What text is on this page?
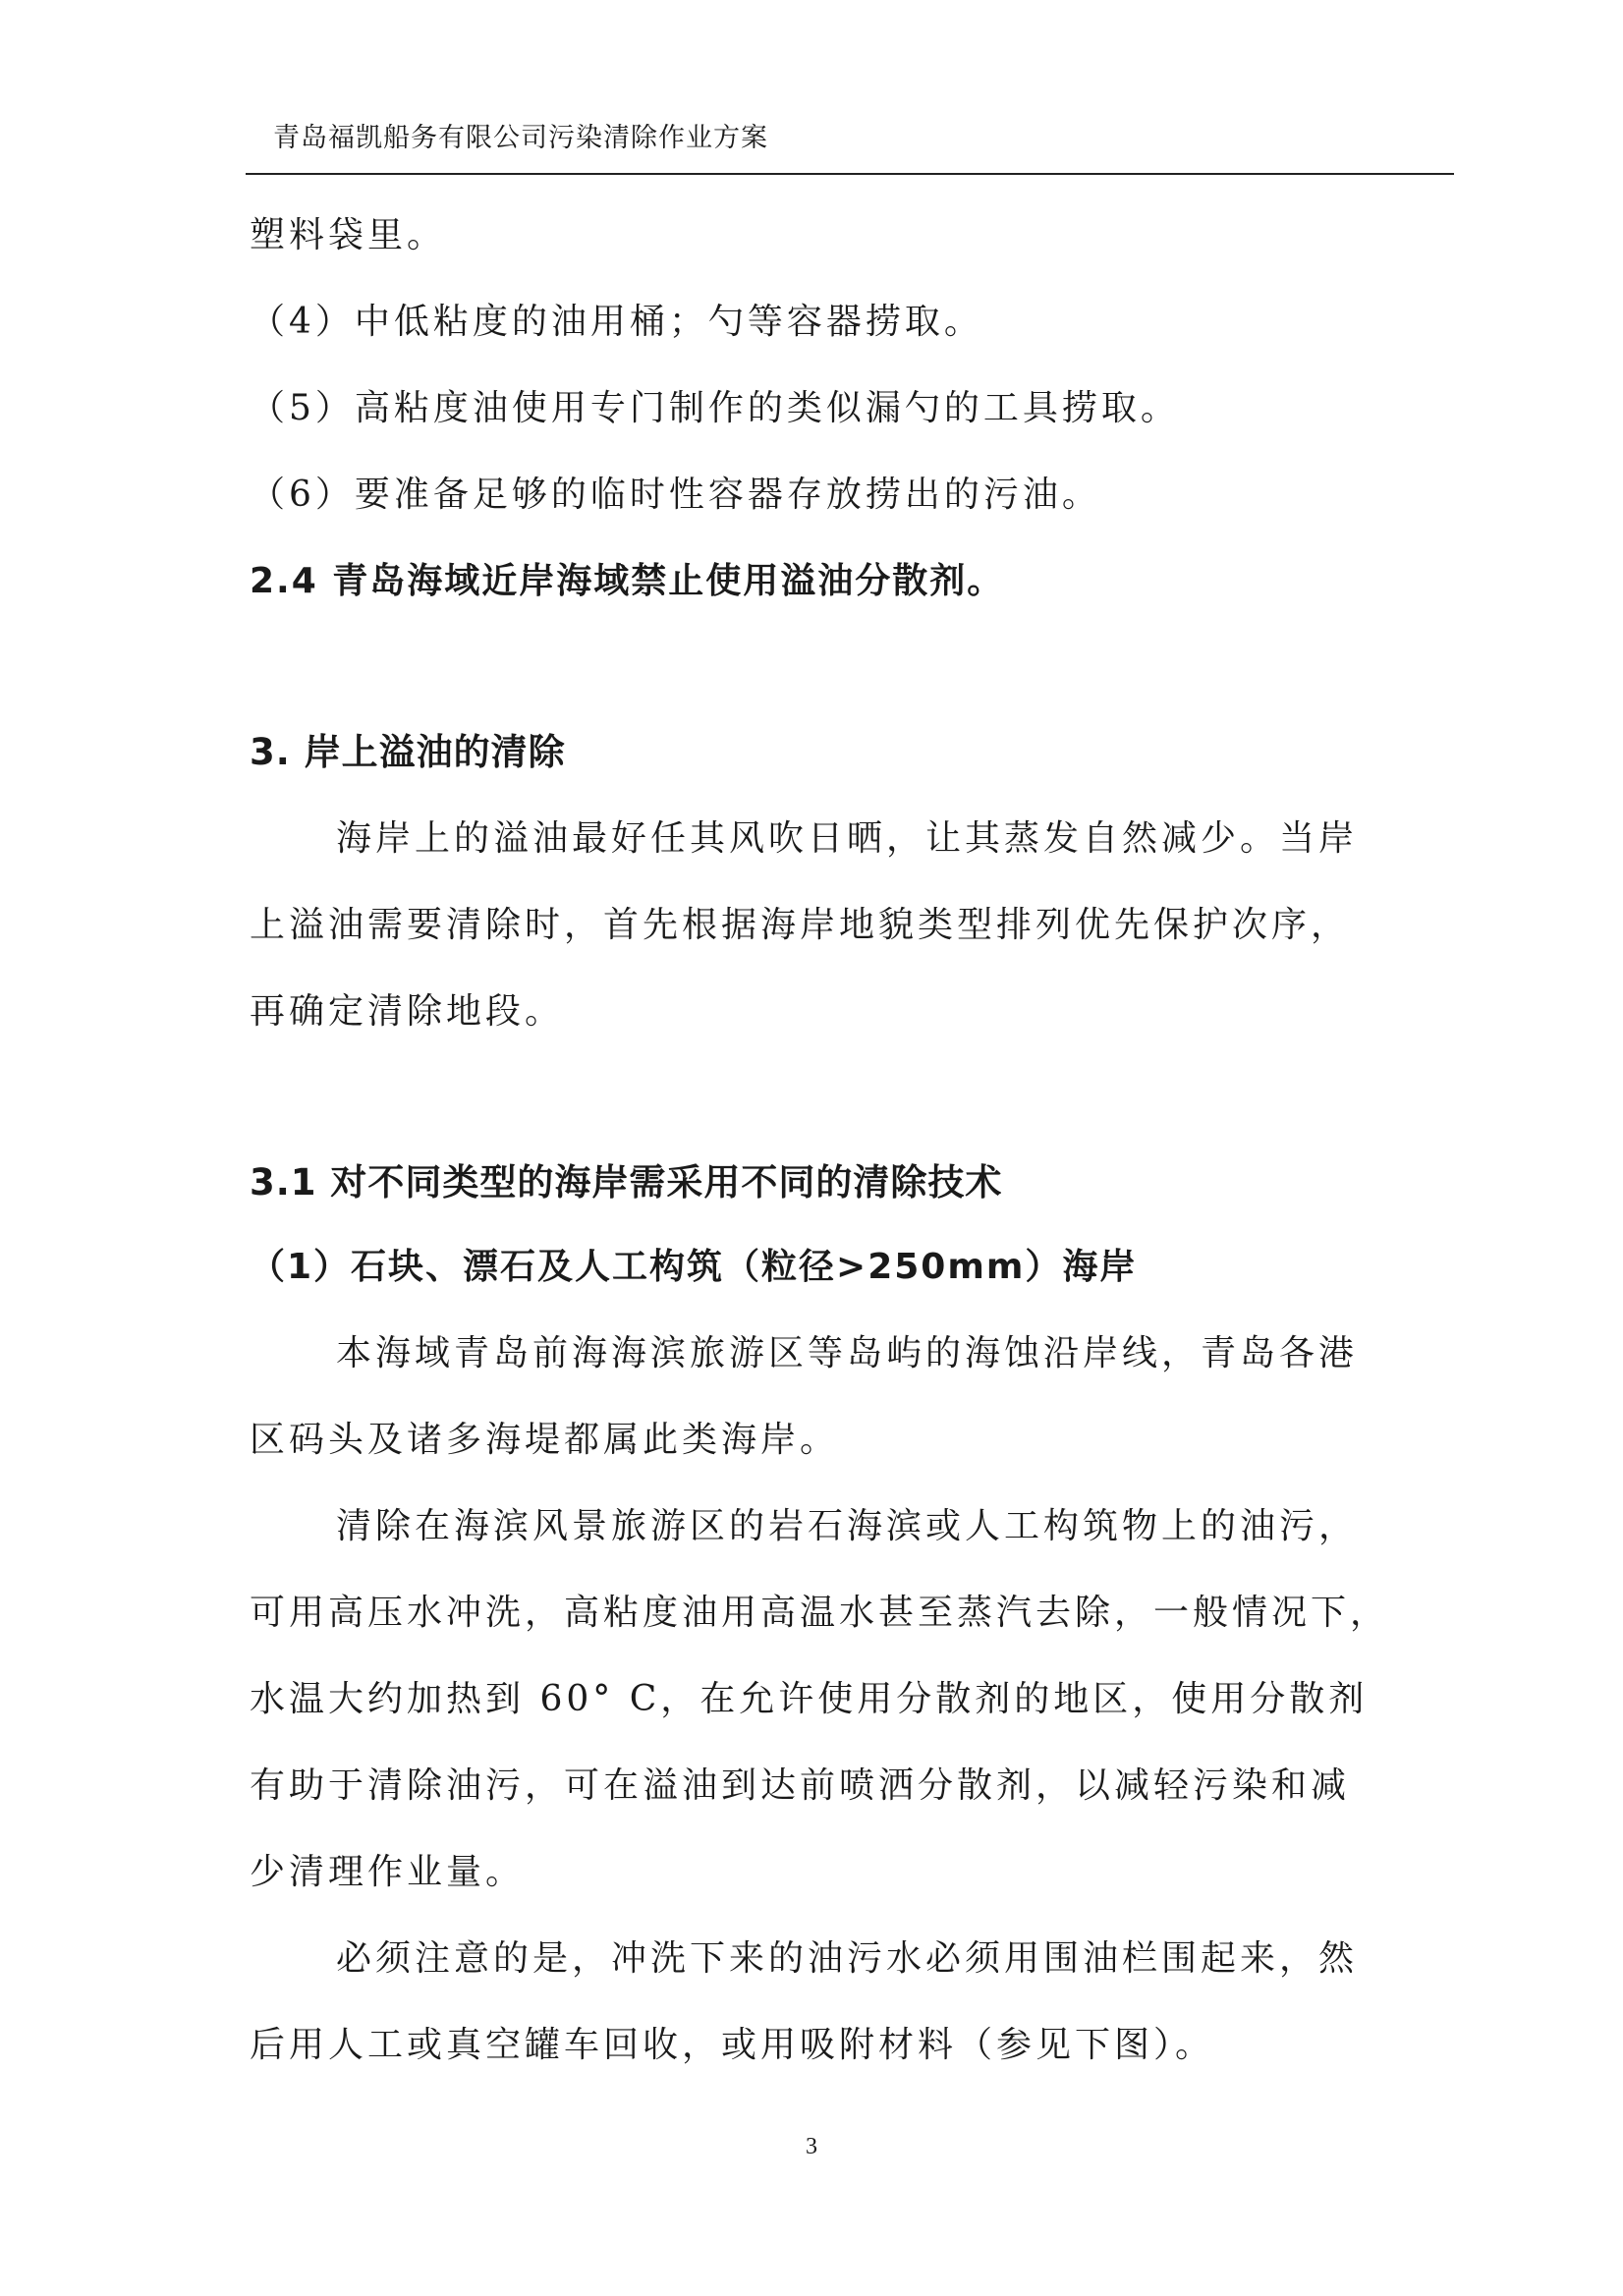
青岛福凯船务有限公司污染清除作业方案
塑料袋里。
（4）中低粘度的油用桶；勺等容器捞取。
（5）高粘度油使用专门制作的类似漏勺的工具捞取。
（6）要准备足够的临时性容器存放捞出的污油。
2.4 青岛海域近岸海域禁止使用溢油分散剂。
3. 岸上溢油的清除
海岸上的溢油最好任其风吹日晒，让其蒸发自然减少。当岸
上溢油需要清除时，首先根据海岸地貌类型排列优先保护次序，
再确定清除地段。
3.1 对不同类型的海岸需采用不同的清除技术
（1）石块、漂石及人工构筑（粒径>250mm）海岸
本海域青岛前海海滨旅游区等岛屿的海蚀沿岸线，青岛各港
区码头及诸多海堤都属此类海岸。
清除在海滨风景旅游区的岩石海滨或人工构筑物上的油污，
可用高压水冲洗，高粘度油用高温水甚至蒸汽去除，一般情况下，
水温大约加热到 60° C，在允许使用分散剂的地区，使用分散剂
有助于清除油污，可在溢油到达前喷洒分散剂，以减轻污染和减
少清理作业量。
必须注意的是，冲洗下来的油污水必须用围油栏围起来，然
后用人工或真空罐车回收，或用吸附材料（参见下图）。
3
